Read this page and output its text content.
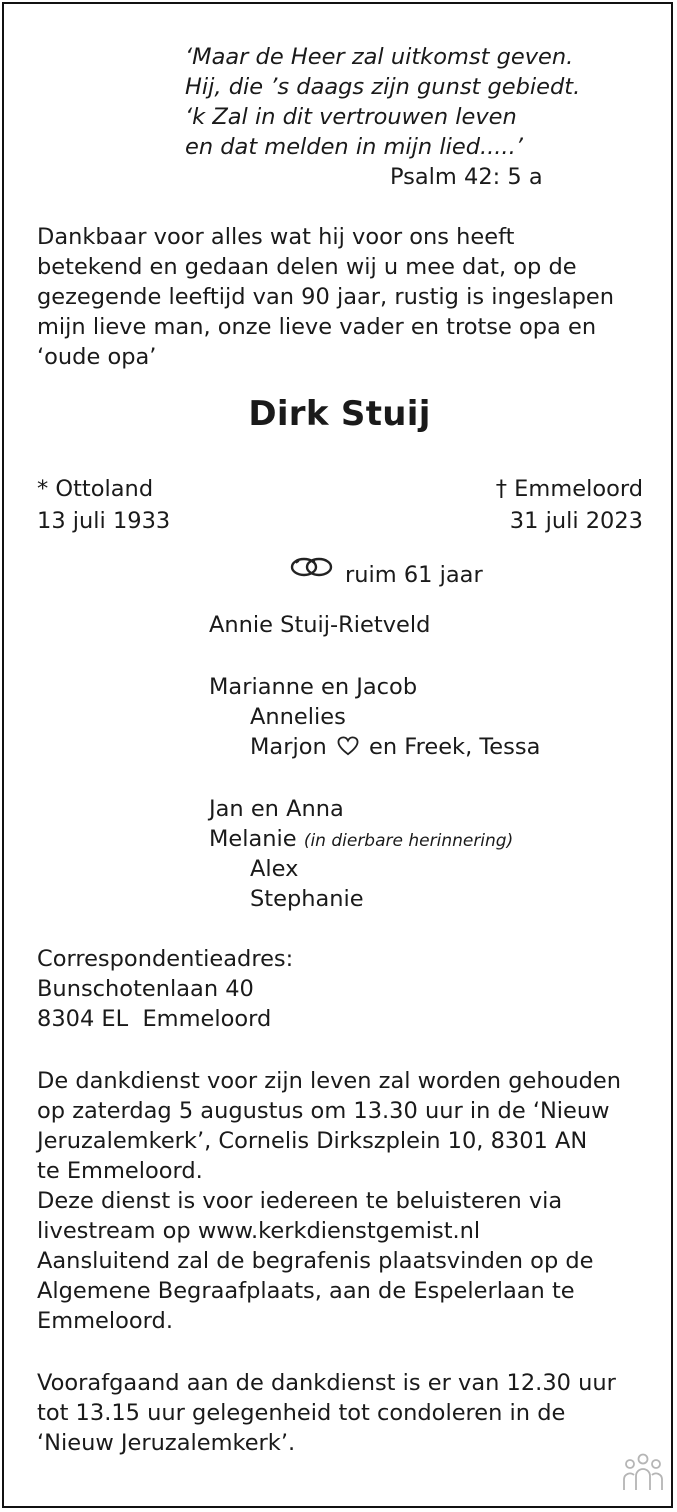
‘Maar de Heer zal uitkomst geven.
Hij, die ’s daags zijn gunst gebiedt.
‘k Zal in dit vertrouwen leven
en dat melden in mijn lied.....’
Psalm 42: 5 a
Dankbaar voor alles wat hij voor ons heeft
betekend en gedaan delen wij u mee dat, op de
gezegende leeftijd van 90 jaar, rustig is ingeslapen
mijn lieve man, onze lieve vader en trotse opa en
‘oude opa’
Dirk Stuij
* Ottoland
13 juli 1933
† Emmeloord
31 juli 2023
ruim 61 jaar
Annie Stuij-Rietveld
Marianne en Jacob
Annelies
Marjon en Freek, Tessa
Jan en Anna
Melanie (in dierbare herinnering)
Alex
Stephanie
Correspondentieadres:
Bunschotenlaan 40
8304 EL  Emmeloord
De dankdienst voor zijn leven zal worden gehouden
op zaterdag 5 augustus om 13.30 uur in de ‘Nieuw
Jeruzalemkerk’, Cornelis Dirkszplein 10, 8301 AN
te Emmeloord.
Deze dienst is voor iedereen te beluisteren via
livestream op www.kerkdienstgemist.nl
Aansluitend zal de begrafenis plaatsvinden op de
Algemene Begraafplaats, aan de Espelerlaan te
Emmeloord.
Voorafgaand aan de dankdienst is er van 12.30 uur
tot 13.15 uur gelegenheid tot condoleren in de
‘Nieuw Jeruzalemkerk’.
